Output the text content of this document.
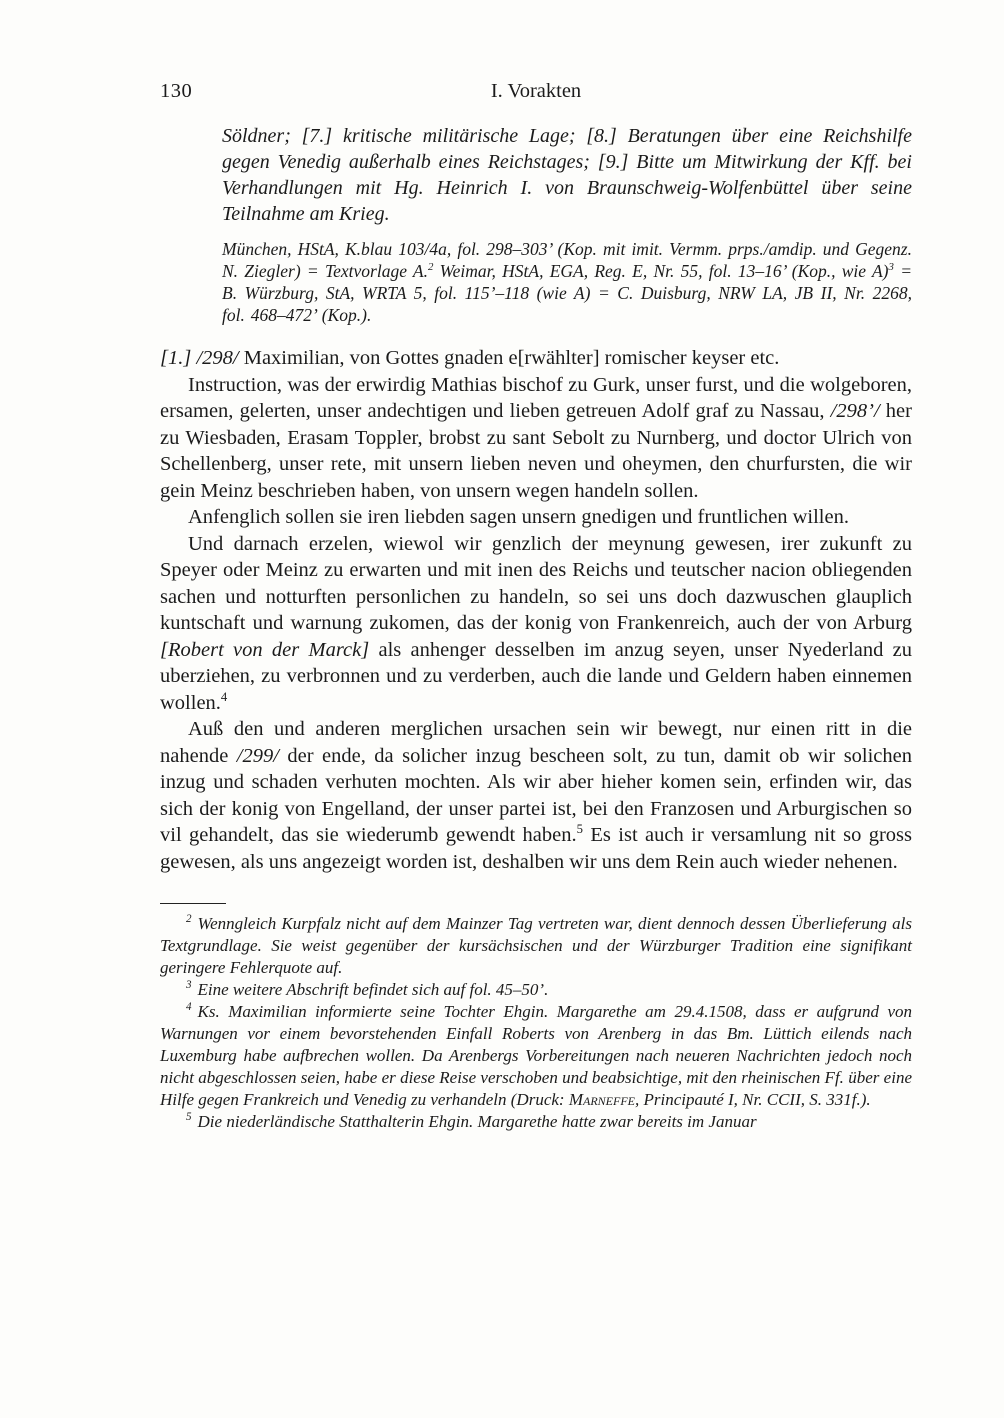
130	I. Vorakten
Söldner; [7.] kritische militärische Lage; [8.] Beratungen über eine Reichshilfe gegen Venedig außerhalb eines Reichstages; [9.] Bitte um Mitwirkung der Kff. bei Verhandlungen mit Hg. Heinrich I. von Braunschweig-Wolfenbüttel über seine Teilnahme am Krieg.
München, HStA, K.blau 103/4a, fol. 298–303’ (Kop. mit imit. Vermm. prps./amdip. und Gegenz. N. Ziegler) = Textvorlage A.$^2$ Weimar, HStA, EGA, Reg. E, Nr. 55, fol. 13–16’ (Kop., wie A)$^3$ = B. Würzburg, StA, WRTA 5, fol. 115’–118 (wie A) = C. Duisburg, NRW LA, JB II, Nr. 2268, fol. 468–472’ (Kop.).

[1.] /298/ Maximilian, von Gottes gnaden e[rwählter] romischer keyser etc.

Instruction, was der erwirdig Mathias bischof zu Gurk, unser furst, und die wolgeboren, ersamen, gelerten, unser andechtigen und lieben getreuen Adolf graf zu Nassau, /298’/ her zu Wiesbaden, Erasam Toppler, brobst zu sant Sebolt zu Nurnberg, und doctor Ulrich von Schellenberg, unser rete, mit unsern lieben neven und oheymen, den churfursten, die wir gein Meinz beschrieben haben, von unsern wegen handeln sollen.

Anfenglich sollen sie iren liebden sagen unsern gnedigen und fruntlichen willen.

Und darnach erzelen, wiewol wir genzlich der meynung gewesen, irer zukunft zu Speyer oder Meinz zu erwarten und mit inen des Reichs und teutscher nacion obliegenden sachen und notturften personlichen zu handeln, so sei uns doch dazwuschen glauplich kuntschaft und warnung zukomen, das der konig von Frankenreich, auch der von Arburg [Robert von der Marck] als anhenger desselben im anzug seyen, unser Nyederland zu uberziehen, zu verbronnen und zu verderben, auch die lande und Geldern haben einnemen wollen.$^4$

Auß den und anderen merglichen ursachen sein wir bewegt, nur einen ritt in die nahende /299/ der ende, da solicher inzug bescheen solt, zu tun, damit ob wir solichen inzug und schaden verhuten mochten. Als wir aber hieher komen sein, erfinden wir, das sich der konig von Engelland, der unser partei ist, bei den Franzosen und Arburgischen so vil gehandelt, das sie wiederumb gewendt haben.$^5$ Es ist auch ir versamlung nit so gross gewesen, als uns angezeigt worden ist, deshalben wir uns dem Rein auch wieder nehenen.

$^2$ Wenngleich Kurpfalz nicht auf dem Mainzer Tag vertreten war, dient dennoch dessen Überlieferung als Textgrundlage. Sie weist gegenüber der kursächsischen und der Würzburger Tradition eine signifikant geringere Fehlerquote auf.

$^3$ Eine weitere Abschrift befindet sich auf fol. 45–50’.

$^4$ Ks. Maximilian informierte seine Tochter Ehgin. Margarethe am 29.4.1508, dass er aufgrund von Warnungen vor einem bevorstehenden Einfall Roberts von Arenberg in das Bm. Lüttich eilends nach Luxemburg habe aufbrechen wollen. Da Arenbergs Vorbereitungen nach neueren Nachrichten jedoch noch nicht abgeschlossen seien, habe er diese Reise verschoben und beabsichtige, mit den rheinischen Ff. über eine Hilfe gegen Frankreich und Venedig zu verhandeln (Druck: Marneffe, Principauté I, Nr. CCII, S. 331f.).

$^5$ Die niederländische Statthalterin Ehgin. Margarethe hatte zwar bereits im Januar
